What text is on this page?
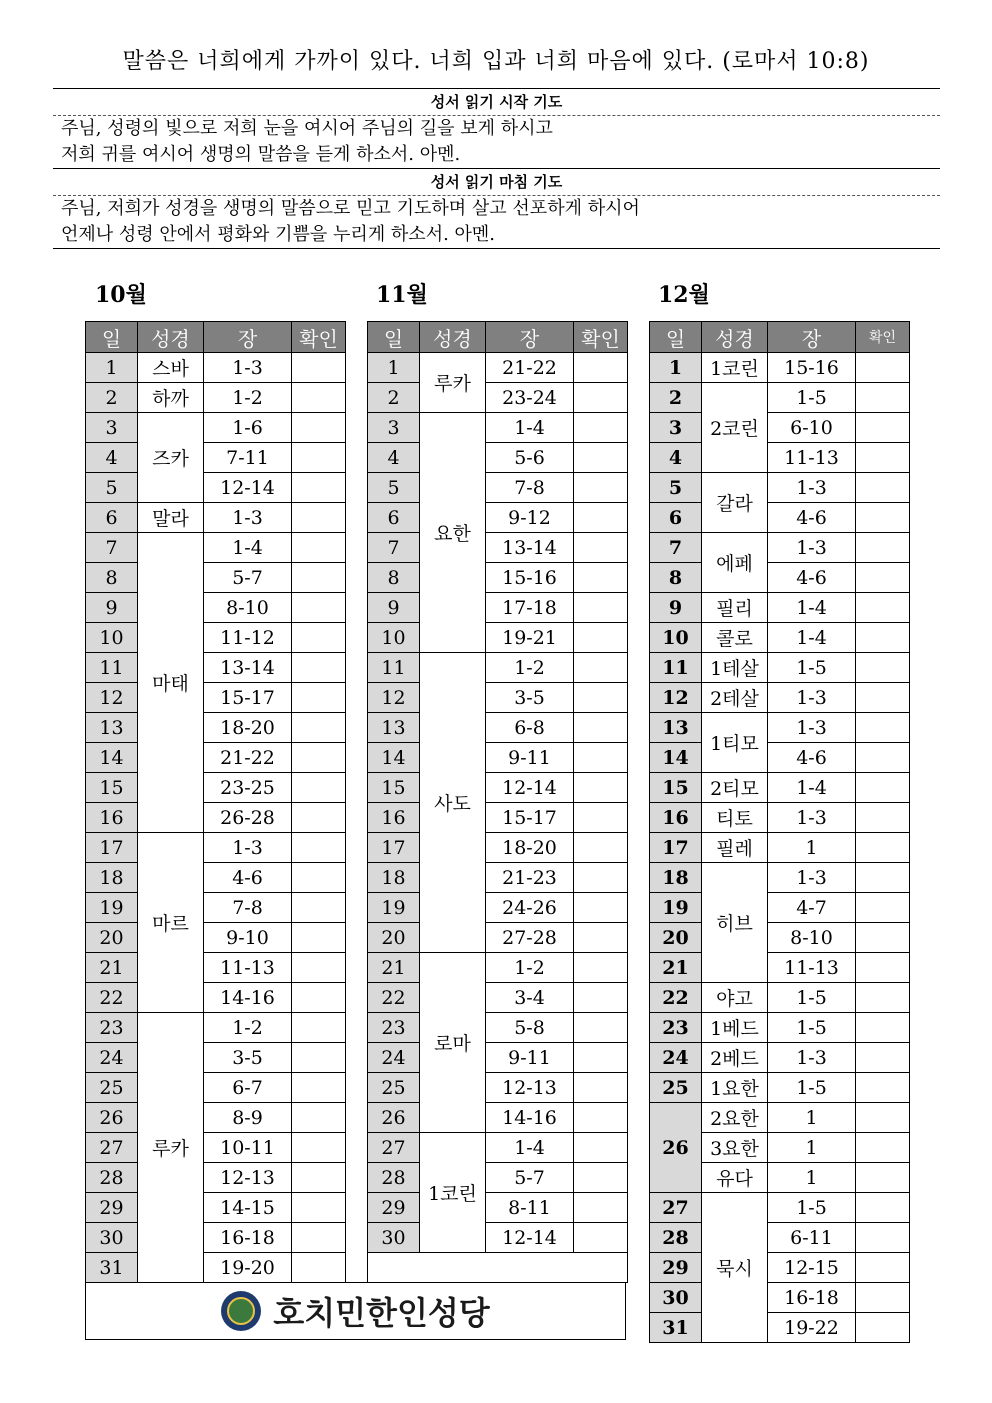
말씀은 너희에게 가까이 있다. 너희 입과 너희 마음에 있다. (로마서 10:8)
성서 읽기 시작 기도
주님, 성령의 빛으로 저희 눈을 여시어 주님의 길을 보게 하시고
저희 귀를 여시어 생명의 말씀을 듣게 하소서. 아멘.
성서 읽기 마침 기도
주님, 저희가 성경을 생명의 말씀으로 믿고 기도하며 살고 선포하게 하시어
언제나 성령 안에서 평화와 기쁨을 누리게 하소서. 아멘.
10월	11월	12월
일	성경	장	확인
1	스바	1-3	
2	하까	1-2	
3	즈카	1-6	
4		7-11	
5		12-14	
6	말라	1-3	
7	마태	1-4	
8		5-7	
9		8-10	
10		11-12	
11		13-14	
12		15-17	
13		18-20	
14		21-22	
15		23-25	
16		26-28	
17	마르	1-3	
18		4-6	
19		7-8	
20		9-10	
21		11-13	
22		14-16	
23	루카	1-2	
24		3-5	
25		6-7	
26		8-9	
27		10-11	
28		12-13	
29		14-15	
30		16-18	
31		19-20	
일	성경	장	확인
1	루카	21-22	
2		23-24	
3	요한	1-4	
4		5-6	
5		7-8	
6		9-12	
7		13-14	
8		15-16	
9		17-18	
10		19-21	
11	사도	1-2	
12		3-5	
13		6-8	
14		9-11	
15		12-14	
16		15-17	
17		18-20	
18		21-23	
19		24-26	
20		27-28	
21	로마	1-2	
22		3-4	
23		5-8	
24		9-11	
25		12-13	
26		14-16	
27	1코린	1-4	
28		5-7	
29		8-11	
30		12-14	

일	성경	장	확인
1	1코린	15-16	
2	2코린	1-5	
3		6-10	
4		11-13	
5	갈라	1-3	
6		4-6	
7	에페	1-3	
8		4-6	
9	필리	1-4	
10	콜로	1-4	
11	1테살	1-5	
12	2테살	1-3	
13	1티모	1-3	
14		4-6	
15	2티모	1-4	
16	티토	1-3	
17	필레	1	
18	히브	1-3	
19		4-7	
20		8-10	
21		11-13	
22	야고	1-5	
23	1베드	1-5	
24	2베드	1-3	
25	1요한	1-5	
26	2요한	1	
	3요한	1	
	유다	1	
27	묵시	1-5	
28		6-11	
29		12-15	
30		16-18	
31		19-22	
호치민한인성당
